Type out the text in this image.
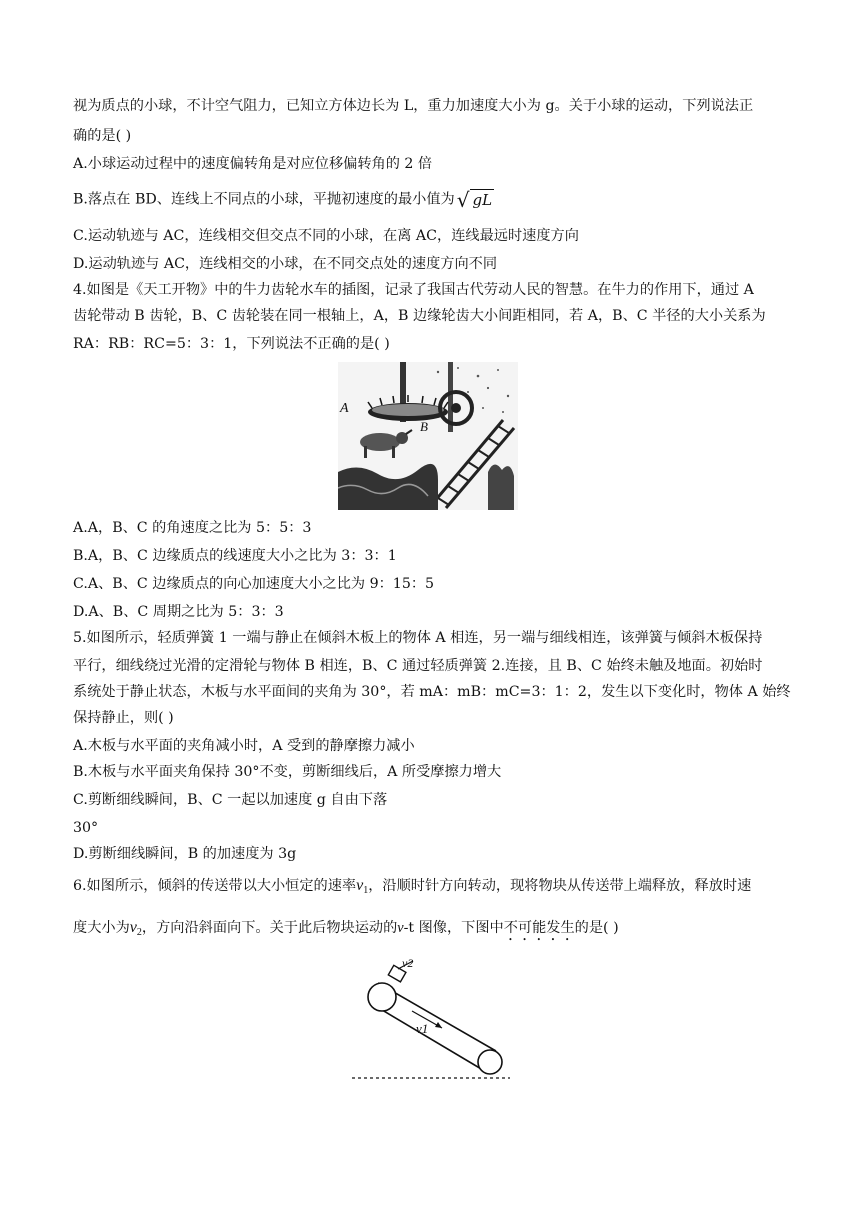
视为质点的小球，不计空气阻力，已知立方体边长为 L，重力加速度大小为 g。关于小球的运动，下列说法正
确的是( )
A.小球运动过程中的速度偏转角是对应位移偏转角的 2 倍
B.落点在 BD、连线上不同点的小球，平抛初速度的最小值为 √ gL
C.运动轨迹与 AC，连线相交但交点不同的小球，在离 AC，连线最远时速度方向
D.运动轨迹与 AC，连线相交的小球，在不同交点处的速度方向不同
4.如图是《天工开物》中的牛力齿轮水车的插图，记录了我国古代劳动人民的智慧。在牛力的作用下，通过 A
齿轮带动 B 齿轮，B、C 齿轮装在同一根轴上，A，B 边缘轮齿大小间距相同，若 A，B、C 半径的大小关系为
RA：RB：RC=5：3：1，下列说法不正确的是( )
A
B
A.A，B、C 的角速度之比为 5：5：3
B.A，B、C 边缘质点的线速度大小之比为 3：3：1
C.A、B、C 边缘质点的向心加速度大小之比为 9：15：5
D.A、B、C 周期之比为 5：3：3
5.如图所示，轻质弹簧 1 一端与静止在倾斜木板上的物体 A 相连，另一端与细线相连，该弹簧与倾斜木板保持
平行，细线绕过光滑的定滑轮与物体 B 相连，B、C 通过轻质弹簧 2.连接，且 B、C 始终未触及地面。初始时
系统处于静止状态，木板与水平面间的夹角为 30°，若 mA：mB：mC=3：1：2，发生以下变化时，物体 A 始终
保持静止，则( )
A.木板与水平面的夹角减小时，A 受到的静摩擦力减小
B.木板与水平面夹角保持 30°不变，剪断细线后，A 所受摩擦力增大
C.剪断细线瞬间，B、C 一起以加速度 g 自由下落
30°
D.剪断细线瞬间，B 的加速度为 3g
6.如图所示，倾斜的传送带以大小恒定的速率$v_1$，沿顺时针方向转动，现将物块从传送带上端释放，释放时速
度大小为$v_2$，方向沿斜面向下。关于此后物块运动的v-t 图像，下图中不可能发生的是( )
v2
v1
